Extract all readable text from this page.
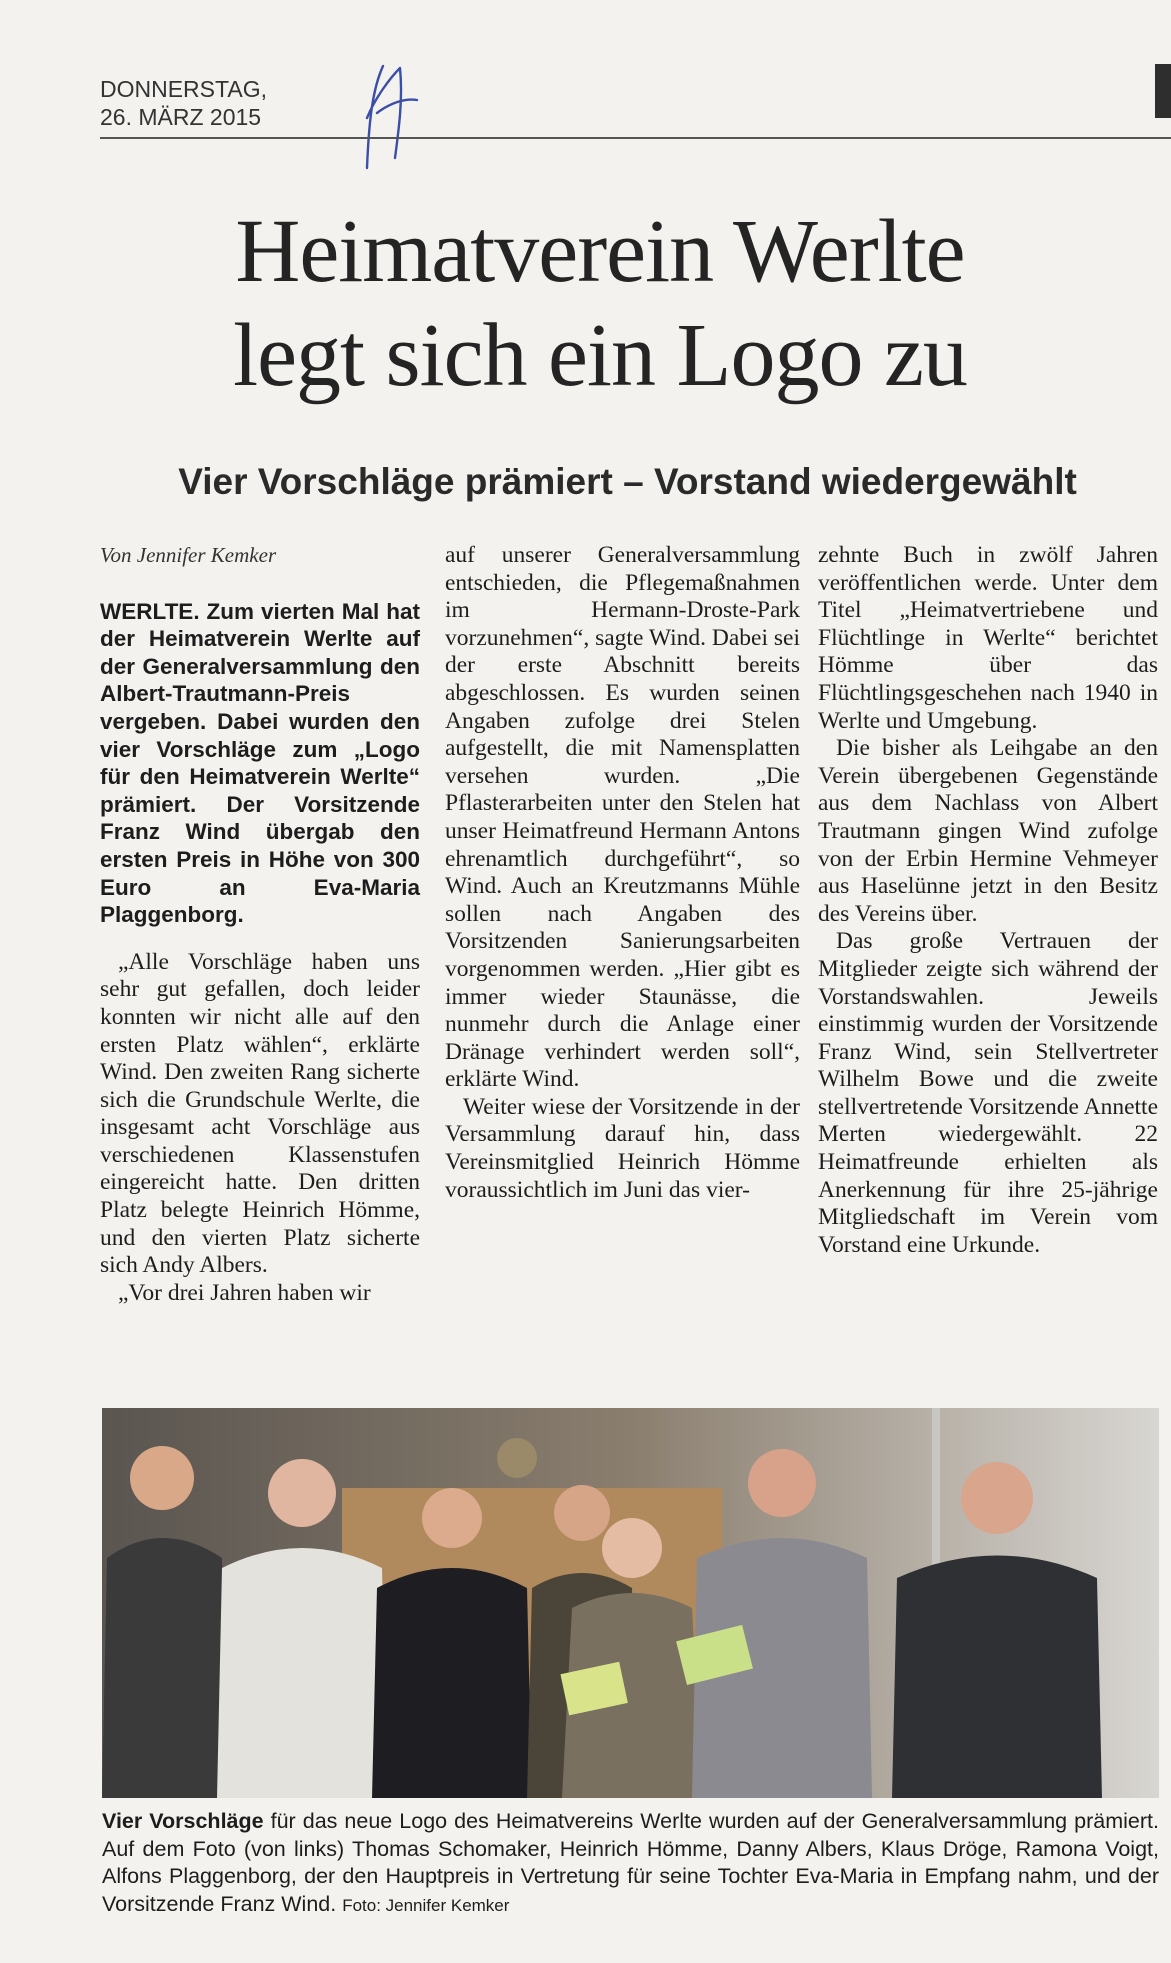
DONNERSTAG,
26. MÄRZ 2015
Heimatverein Werlte
legt sich ein Logo zu
Vier Vorschläge prämiert – Vorstand wiedergewählt

Von Jennifer Kemker

WERLTE. Zum vierten Mal hat der Heimatverein Werlte auf der Generalversammlung den Albert-Trautmann-Preis vergeben. Dabei wurden den vier Vorschläge zum „Logo für den Heimatverein Werlte“ prämiert. Der Vorsitzende Franz Wind übergab den ersten Preis in Höhe von 300 Euro an Eva-Maria Plaggenborg.

„Alle Vorschläge haben uns sehr gut gefallen, doch leider konnten wir nicht alle auf den ersten Platz wählen“, erklärte Wind. Den zweiten Rang sicherte sich die Grundschule Werlte, die insgesamt acht Vorschläge aus verschiedenen Klassenstufen eingereicht hatte. Den dritten Platz belegte Heinrich Hömme, und den vierten Platz sicherte sich Andy Albers.

„Vor drei Jahren haben wir

auf unserer Generalversammlung entschieden, die Pflegemaßnahmen im Hermann-Droste-Park vorzunehmen“, sagte Wind. Dabei sei der erste Abschnitt bereits abgeschlossen. Es wurden seinen Angaben zufolge drei Stelen aufgestellt, die mit Namensplatten versehen wurden. „Die Pflasterarbeiten unter den Stelen hat unser Heimatfreund Hermann Antons ehrenamtlich durchgeführt“, so Wind. Auch an Kreutzmanns Mühle sollen nach Angaben des Vorsitzenden Sanierungsarbeiten vorgenommen werden. „Hier gibt es immer wieder Staunässe, die nunmehr durch die Anlage einer Dränage verhindert werden soll“, erklärte Wind.

Weiter wiese der Vorsitzende in der Versammlung darauf hin, dass Vereinsmitglied Heinrich Hömme voraussichtlich im Juni das vier-

zehnte Buch in zwölf Jahren veröffentlichen werde. Unter dem Titel „Heimatvertriebene und Flüchtlinge in Werlte“ berichtet Hömme über das Flüchtlingsgeschehen nach 1940 in Werlte und Umgebung.

Die bisher als Leihgabe an den Verein übergebenen Gegenstände aus dem Nachlass von Albert Trautmann gingen Wind zufolge von der Erbin Hermine Vehmeyer aus Haselünne jetzt in den Besitz des Vereins über.

Das große Vertrauen der Mitglieder zeigte sich während der Vorstandswahlen. Jeweils einstimmig wurden der Vorsitzende Franz Wind, sein Stellvertreter Wilhelm Bowe und die zweite stellvertretende Vorsitzende Annette Merten wiedergewählt. 22 Heimatfreunde erhielten als Anerkennung für ihre 25-jährige Mitgliedschaft im Verein vom Vorstand eine Urkunde.

Vier Vorschläge für das neue Logo des Heimatvereins Werlte wurden auf der Generalversammlung prämiert. Auf dem Foto (von links) Thomas Schomaker, Heinrich Hömme, Danny Albers, Klaus Dröge, Ramona Voigt, Alfons Plaggenborg, der den Hauptpreis in Vertretung für seine Tochter Eva-Maria in Empfang nahm, und der Vorsitzende Franz Wind. Foto: Jennifer Kemker
